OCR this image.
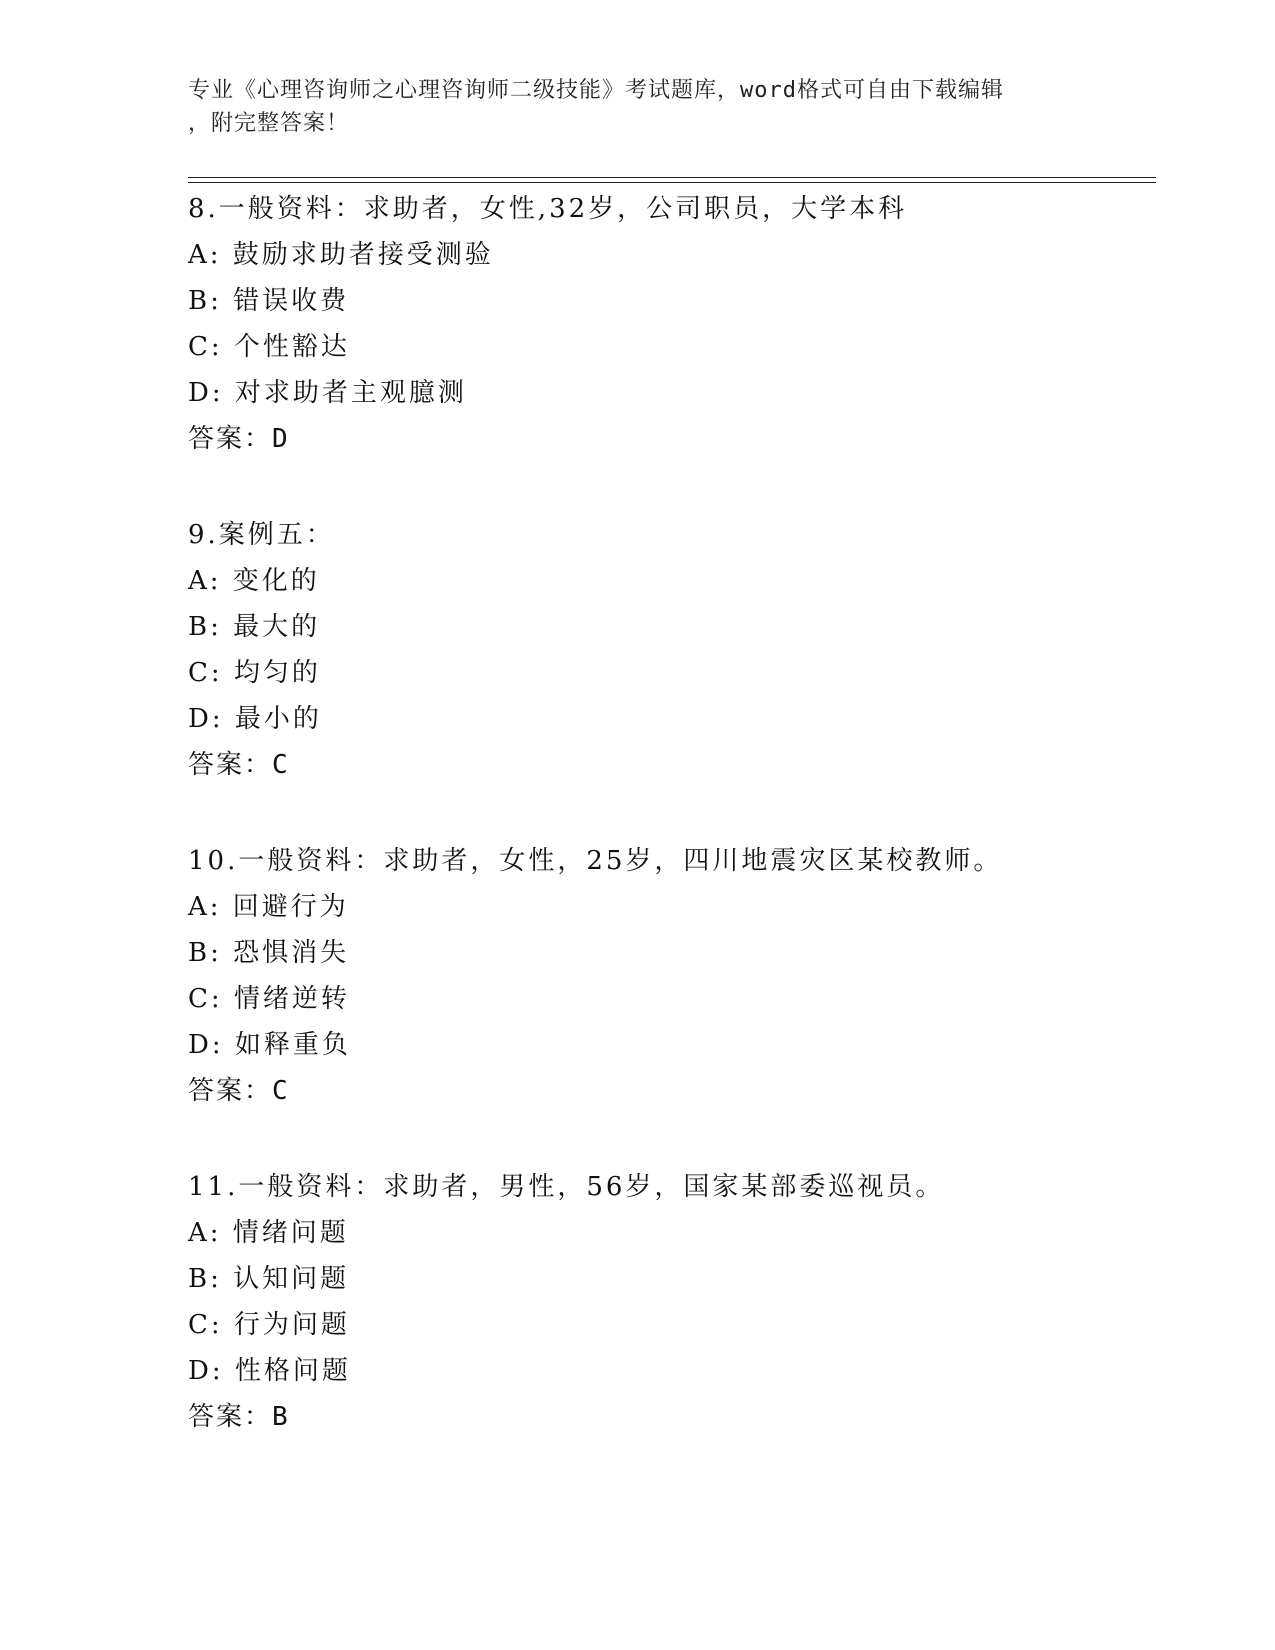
专业《心理咨询师之心理咨询师二级技能》考试题库，word格式可自由下载编辑
，附完整答案！
8.一般资料：求助者，女性,32岁，公司职员，大学本科
A: 鼓励求助者接受测验
B: 错误收费
C: 个性豁达
D: 对求助者主观臆测
答案：D
9.案例五：
A: 变化的
B: 最大的
C: 均匀的
D: 最小的
答案：C
10.一般资料：求助者，女性，25岁，四川地震灾区某校教师。
A: 回避行为
B: 恐惧消失
C: 情绪逆转
D: 如释重负
答案：C
11.一般资料：求助者，男性，56岁，国家某部委巡视员。
A: 情绪问题
B: 认知问题
C: 行为问题
D: 性格问题
答案：B
